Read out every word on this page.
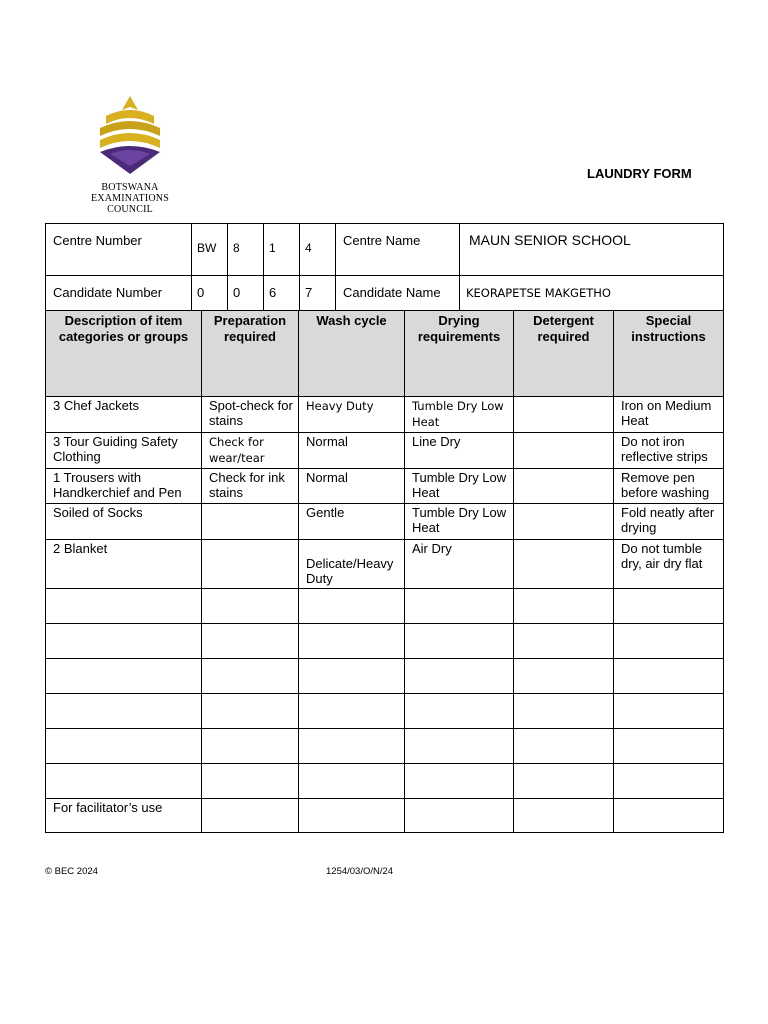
BOTSWANA
EXAMINATIONS
COUNCIL
LAUNDRY FORM
Centre Number	BW	8	1	4	Centre Name	MAUN SENIOR SCHOOL
Candidate Number	0	0	6	7	Candidate Name	KEORAPETSE MAKGETHO
Description of item categories or groups	Preparation required	Wash cycle	Drying requirements	Detergent required	Special instructions
3 Chef Jackets	Spot-check for stains	Heavy Duty	Tumble Dry Low Heat		Iron on Medium Heat
3 Tour Guiding Safety Clothing	Check for wear/tear	Normal	Line Dry		Do not iron reflective strips
1 Trousers with Handkerchief and Pen	Check for ink stains	Normal	Tumble Dry Low Heat		Remove pen before washing
Soiled of Socks		Gentle	Tumble Dry Low Heat		Fold neatly after drying
2 Blanket		Delicate/Heavy Duty	Air Dry		Do not tumble dry, air dry flat

For facilitator’s use					
© BEC 2024	1254/03/O/N/24
